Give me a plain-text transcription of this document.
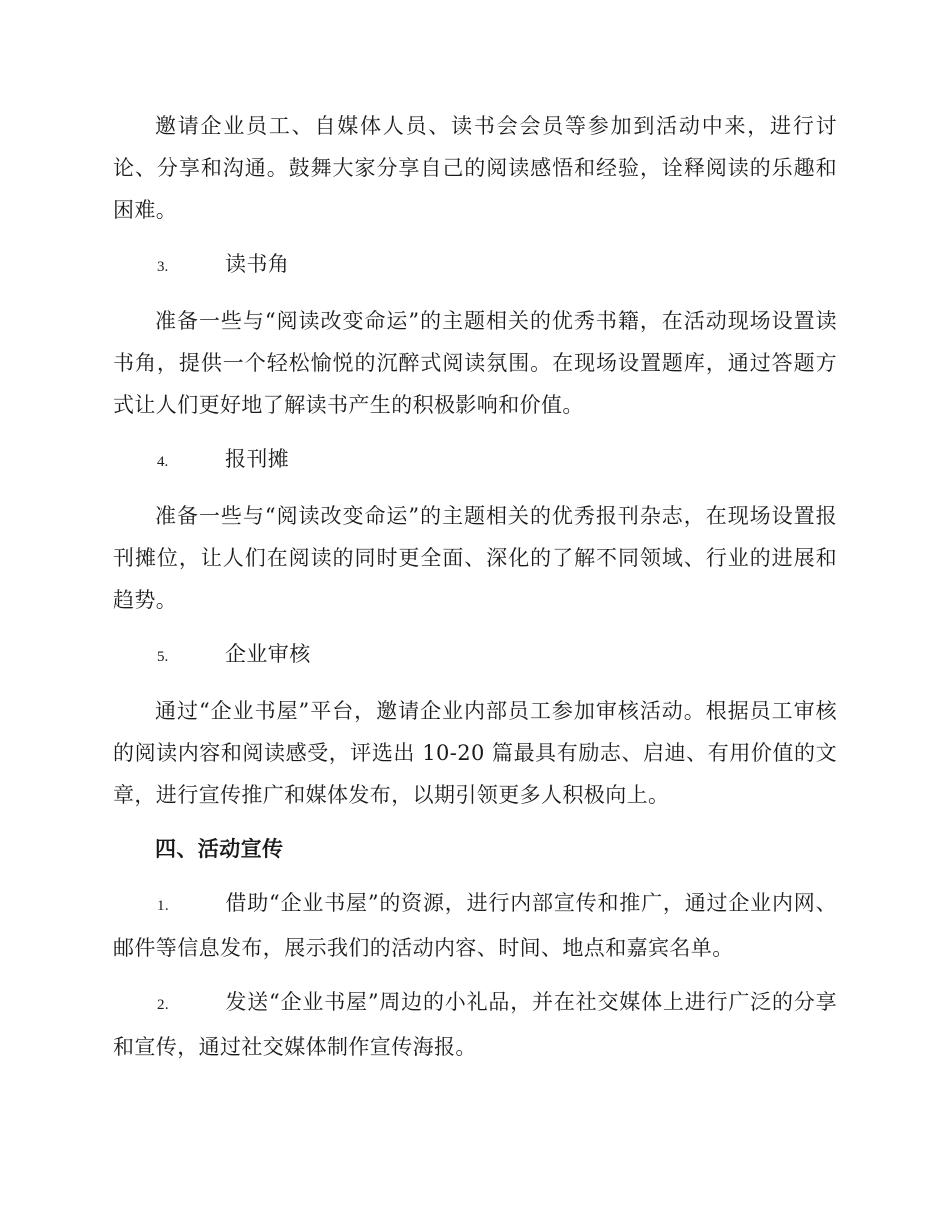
邀请企业员工、自媒体人员、读书会会员等参加到活动中来，进行讨论、分享和沟通。鼓舞大家分享自己的阅读感悟和经验，诠释阅读的乐趣和困难。

3.	读书角

准备一些与“阅读改变命运”的主题相关的优秀书籍，在活动现场设置读书角，提供一个轻松愉悦的沉醉式阅读氛围。在现场设置题库，通过答题方式让人们更好地了解读书产生的积极影响和价值。

4.	报刊摊

准备一些与“阅读改变命运”的主题相关的优秀报刊杂志，在现场设置报刊摊位，让人们在阅读的同时更全面、深化的了解不同领域、行业的进展和趋势。

5.	企业审核

通过“企业书屋”平台，邀请企业内部员工参加审核活动。根据员工审核的阅读内容和阅读感受，评选出 10-20 篇最具有励志、启迪、有用价值的文章，进行宣传推广和媒体发布，以期引领更多人积极向上。

四、活动宣传

1.	借助“企业书屋”的资源，进行内部宣传和推广，通过企业内网、邮件等信息发布，展示我们的活动内容、时间、地点和嘉宾名单。

2.	发送“企业书屋”周边的小礼品，并在社交媒体上进行广泛的分享和宣传，通过社交媒体制作宣传海报。
